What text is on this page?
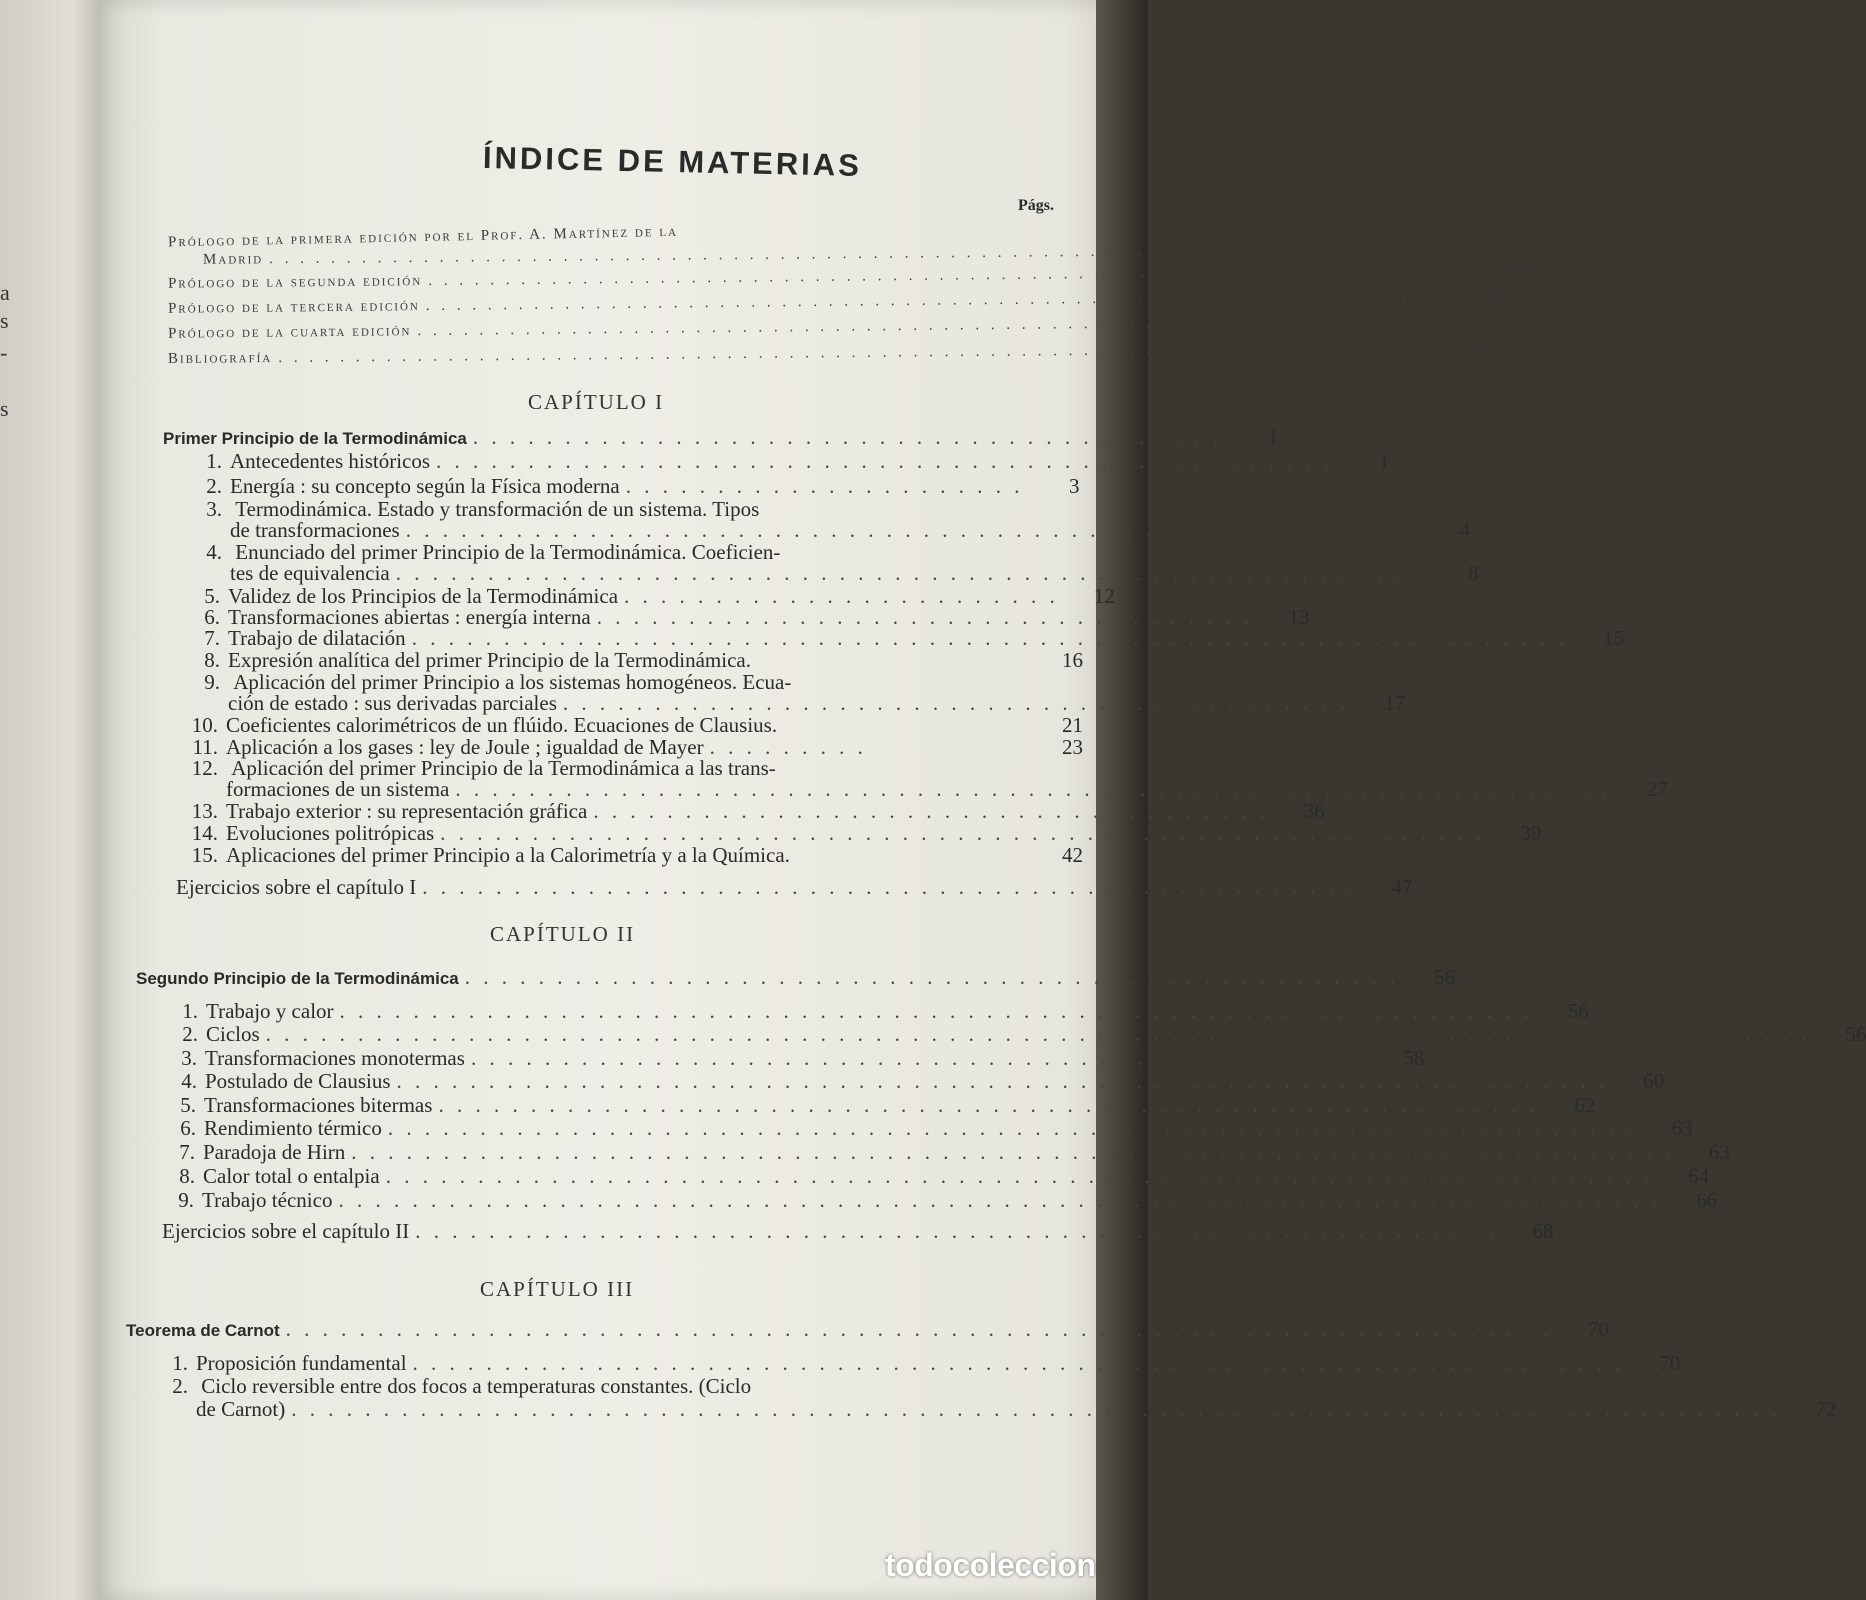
a
s
-
s
ÍNDICE DE MATERIAS
Págs.
Prólogo de la primera edición por el Prof. A. Martínez de la
Madrid . . . . . . . . . . . . . . . . . . . . . . . . . . . . . . . . . . . . . . . . . . . . . . . . . . . . . . . . . . . . . . . . . . . . . . . . . . . . .	v
Prólogo de la segunda edición . . . . . . . . . . . . . . . . . . . . . . . . . . . . . . . . . . . . . . . . . . . . . . . . . . . . . . . . . . . . . . . . . . . .	viii
Prólogo de la tercera edición . . . . . . . . . . . . . . . . . . . . . . . . . . . . . . . . . . . . . . . . . . . . . . . . . . . . . . . . . . . . . . . . . .	ix
Prólogo de la cuarta edición . . . . . . . . . . . . . . . . . . . . . . . . . . . . . . . . . . . . . . . . . . . . . . . . . . . . . . . . . . . . . . . . . .	x
Bibliografía . . . . . . . . . . . . . . . . . . . . . . . . . . . . . . . . . . . . . . . . . . . . . . . . . . . . . . . . . . . . . . . . . . . . . . . . . . .	xvi
CAPÍTULO I
Primer Principio de la Termodinámica . . . . . . . . . . . . . . . . . . . . . . . . . . . . . . . . . . . . . . . . .	1
1. Antecedentes históricos . . . . . . . . . . . . . . . . . . . . . . . . . . . . . . . . . . . . . . . . . . . . . . . . .	1
2. Energía : su concepto según la Física moderna . . . . . . . . . . . . . . . . . . . . . .	3
3. Termodinámica. Estado y transformación de un sistema. Tipos
de transformaciones . . . . . . . . . . . . . . . . . . . . . . . . . . . . . . . . . . . . . . . . . . . . . . . . . . . . . . .	4
4. Enunciado del primer Principio de la Termodinámica. Coeficien-
tes de equivalencia . . . . . . . . . . . . . . . . . . . . . . . . . . . . . . . . . . . . . . . . . . . . . . . . . . . . . . . .	8
5. Validez de los Principios de la Termodinámica . . . . . . . . . . . . . . . . . . . . . . . .	12
6. Transformaciones abiertas : energía interna . . . . . . . . . . . . . . . . . . . . . . . . . . . . . . . . . . . .	13
7. Trabajo de dilatación . . . . . . . . . . . . . . . . . . . . . . . . . . . . . . . . . . . . . . . . . . . . . . . . . . . . . . . . . . . . . . .	15
8. Expresión analítica del primer Principio de la Termodinámica.	16
9. Aplicación del primer Principio a los sistemas homogéneos. Ecua-
ción de estado : sus derivadas parciales . . . . . . . . . . . . . . . . . . . . . . . . . . . . . . . . . . . . . . . . . . .	17
10. Coeficientes calorimétricos de un flúido. Ecuaciones de Clausius.	21
11. Aplicación a los gases : ley de Joule ; igualdad de Mayer . . . . . . . . .	23
12. Aplicación del primer Principio de la Termodinámica a las trans-
formaciones de un sistema . . . . . . . . . . . . . . . . . . . . . . . . . . . . . . . . . . . . . . . . . . . . . . . . . . . . . . . . . . . . . . .	27
13. Trabajo exterior : su representación gráfica . . . . . . . . . . . . . . . . . . . . . . . . . . . . . . . . . . . . .	36
14. Evoluciones politrópicas . . . . . . . . . . . . . . . . . . . . . . . . . . . . . . . . . . . . . . . . . . . . . . . . . . . . . . . . .	39
15. Aplicaciones del primer Principio a la Calorimetría y a la Química.	42
Ejercicios sobre el capítulo I . . . . . . . . . . . . . . . . . . . . . . . . . . . . . . . . . . . . . . . . . . . . . . . . . . .	47
CAPÍTULO II
Segundo Principio de la Termodinámica . . . . . . . . . . . . . . . . . . . . . . . . . . . . . . . . . . . . . . . . . . . . . . . . . . .	56
1. Trabajo y calor . . . . . . . . . . . . . . . . . . . . . . . . . . . . . . . . . . . . . . . . . . . . . . . . . . . . . . . . . . . . . . . . .	56
2. Ciclos . . . . . . . . . . . . . . . . . . . . . . . . . . . . . . . . . . . . . . . . . . . . . . . . . . . . . . . . . . . . . . . . . . . . . . . . . . . . . . . . . . . .	56
3. Transformaciones monotermas . . . . . . . . . . . . . . . . . . . . . . . . . . . . . . . . . . . . . . . . . . . . . . . . .	58
4. Postulado de Clausius . . . . . . . . . . . . . . . . . . . . . . . . . . . . . . . . . . . . . . . . . . . . . . . . . . . . . . . . . . . . . . . . . .	60
5. Transformaciones bitermas . . . . . . . . . . . . . . . . . . . . . . . . . . . . . . . . . . . . . . . . . . . . . . . . . . . . . . . . . . . .	62
6. Rendimiento térmico . . . . . . . . . . . . . . . . . . . . . . . . . . . . . . . . . . . . . . . . . . . . . . . . . . . . . . . . . . . . . . . . . . . .	63
7. Paradoja de Hirn . . . . . . . . . . . . . . . . . . . . . . . . . . . . . . . . . . . . . . . . . . . . . . . . . . . . . . . . . . . . . . . . . . . . . . . .	63
8. Calor total o entalpia . . . . . . . . . . . . . . . . . . . . . . . . . . . . . . . . . . . . . . . . . . . . . . . . . . . . . . . . . . . . . . . . . . . . .	64
9. Trabajo técnico . . . . . . . . . . . . . . . . . . . . . . . . . . . . . . . . . . . . . . . . . . . . . . . . . . . . . . . . . . . . . . . . . . . . . . . .	66
Ejercicios sobre el capítulo II . . . . . . . . . . . . . . . . . . . . . . . . . . . . . . . . . . . . . . . . . . . . . . . . . . . . . . . . . . .	68
CAPÍTULO III
Teorema de Carnot . . . . . . . . . . . . . . . . . . . . . . . . . . . . . . . . . . . . . . . . . . . . . . . . . . . . . . . . . . . . . . . . . . . . .	70
1. Proposición fundamental . . . . . . . . . . . . . . . . . . . . . . . . . . . . . . . . . . . . . . . . . . . . . . . . . . . . . . . . . . . . . . . . . .	70
2. Ciclo reversible entre dos focos a temperaturas constantes. (Ciclo
de Carnot) . . . . . . . . . . . . . . . . . . . . . . . . . . . . . . . . . . . . . . . . . . . . . . . . . . . . . . . . . . . . . . . . . . . . . . . . . . . . . . . . .	72
todocoleccion
